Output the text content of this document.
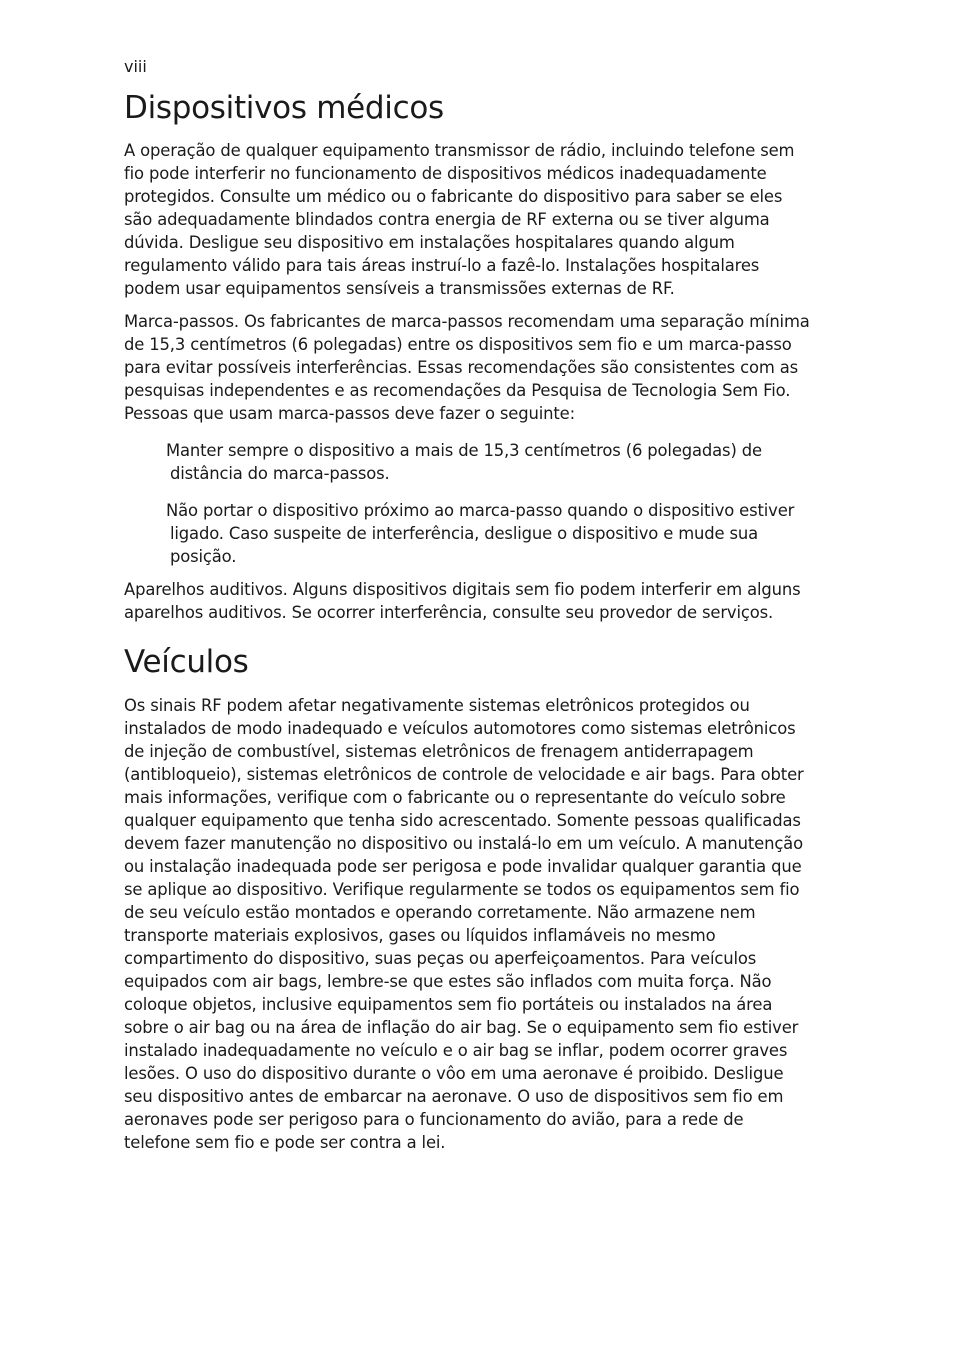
viii
Dispositivos médicos

A operação de qualquer equipamento transmissor de rádio, incluindo telefone sem fio pode interferir no funcionamento de dispositivos médicos inadequadamente protegidos. Consulte um médico ou o fabricante do dispositivo para saber se eles são adequadamente blindados contra energia de RF externa ou se tiver alguma dúvida. Desligue seu dispositivo em instalações hospitalares quando algum regulamento válido para tais áreas instruí-lo a fazê-lo. Instalações hospitalares podem usar equipamentos sensíveis a transmissões externas de RF.

Marca-passos. Os fabricantes de marca-passos recomendam uma separação mínima de 15,3 centímetros (6 polegadas) entre os dispositivos sem fio e um marca-passo para evitar possíveis interferências. Essas recomendações são consistentes com as pesquisas independentes e as recomendações da Pesquisa de Tecnologia Sem Fio. Pessoas que usam marca-passos deve fazer o seguinte:

Manter sempre o dispositivo a mais de 15,3 centímetros (6 polegadas) de distância do marca-passos.
Não portar o dispositivo próximo ao marca-passo quando o dispositivo estiver ligado. Caso suspeite de interferência, desligue o dispositivo e mude sua posição.

Aparelhos auditivos. Alguns dispositivos digitais sem fio podem interferir em alguns aparelhos auditivos. Se ocorrer interferência, consulte seu provedor de serviços.

Veículos

Os sinais RF podem afetar negativamente sistemas eletrônicos protegidos ou instalados de modo inadequado e veículos automotores como sistemas eletrônicos de injeção de combustível, sistemas eletrônicos de frenagem antiderrapagem (antibloqueio), sistemas eletrônicos de controle de velocidade e air bags. Para obter mais informações, verifique com o fabricante ou o representante do veículo sobre qualquer equipamento que tenha sido acrescentado. Somente pessoas qualificadas devem fazer manutenção no dispositivo ou instalá-lo em um veículo. A manutenção ou instalação inadequada pode ser perigosa e pode invalidar qualquer garantia que se aplique ao dispositivo. Verifique regularmente se todos os equipamentos sem fio de seu veículo estão montados e operando corretamente. Não armazene nem transporte materiais explosivos, gases ou líquidos inflamáveis no mesmo compartimento do dispositivo, suas peças ou aperfeiçoamentos. Para veículos equipados com air bags, lembre-se que estes são inflados com muita força. Não coloque objetos, inclusive equipamentos sem fio portáteis ou instalados na área sobre o air bag ou na área de inflação do air bag. Se o equipamento sem fio estiver instalado inadequadamente no veículo e o air bag se inflar, podem ocorrer graves lesões. O uso do dispositivo durante o vôo em uma aeronave é proibido. Desligue seu dispositivo antes de embarcar na aeronave. O uso de dispositivos sem fio em aeronaves pode ser perigoso para o funcionamento do avião, para a rede de telefone sem fio e pode ser contra a lei.
